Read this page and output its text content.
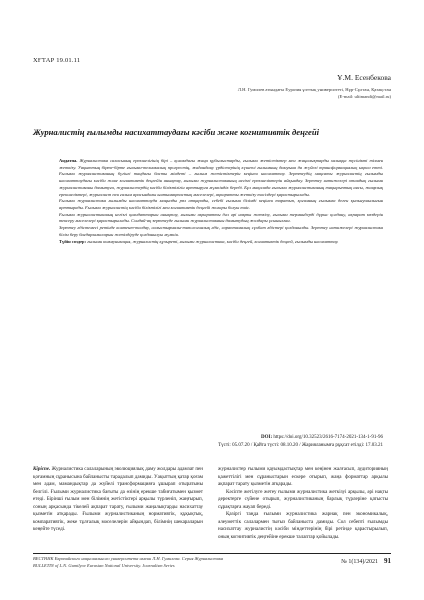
ХҒТАР 19.01.11
Ұ.М. Есенбекова
Л.Н. Гумилев атындағы Еуразия ұлттық университеті, Нұр-Сұлтан, Қазақстан
(E-mail: ultimandi@mail.ru)
Журналистің ғылымды насихаттаудағы кәсіби және когнитивтік деңгейі

Аңдатпа. Журналистика саласының ерекшелігінің бірі – қоғамдағы жаңа құбылыстарды, ғылыми жетістіктер мен жаңалықтарды халыққа түсінікті тілмен жеткізу. Уақыттың бірте-бірте ғылыми-техникалық прогрестің, жаһандану үрдістерінің күшеюі ғылымның дамуына да жүйелі трансформациялық ықпал етті. Ғылыми журналистиканың бүгінгі таңдағы басты міндеті – ғылым жетістіктерін кеңінен насихаттау. Зерттеудің мақсаты журналистің ғылымды насихаттаудағы кәсіби және когнитивтік деңгейін анықтау, ғылыми журналистиканың негізгі ерекшеліктерін айқындау. Зерттеу нәтижелері отандық ғылыми журналистиканы дамытуға, журналистердің кәсіби біліктілігін арттыруға мүмкіндік береді. Бұл мақалада ғылыми журналистиканың тақырыптық аясы, жанрлық ерекшеліктері, журналист пен ғалым арасындағы ынтымақтастық мәселелері, ақпаратты жеткізу тәсілдері қарастырылады.

Ғылыми журналистика ғылымды насихаттауда маңызды рөл атқарады, себебі ғылыми білімді кеңінен таратып, қоғамның ғылымға деген қызығушылығын арттырады. Ғылыми журналистің кәсіби біліктілігі мен когнитивтік деңгейі жоғары болуы тиіс.

Ғылыми журналистиканың негізгі қағидаттарын анықтау, ғылыми ақпаратты дәл әрі нақты жеткізу, ғылыми терминдерді дұрыс қолдану, ақпарат көздерін тексеру мәселелері қарастырылады. Сондай-ақ зерттеуде ғылыми журналистиканы дамытудың жолдары ұсынылған.

Зерттеу әдістемесі ретінде контент-талдау, салыстырмалы-типологиялық әдіс, сараптамалық сұхбат әдістері қолданылды. Зерттеу нәтижелері журналистика білім беру бағдарламаларын жетілдіруде қолданылуы мүмкін.

Түйін сөздер: ғылыми коммуникация, журналистің құзыреті, ғылыми журналистика, кәсіби деңгей, когнитивтік деңгей, ғылымды насихаттау.

DOI: https://doi.org/10.32523/2616-7174-2021-134-1-91-96
Түсті: 05.07.20 / Қайта түсті: 08.10.20 / Жарияланымға рұқсат етілді: 17.03.21

Кіріспе. Журналистика салаларының эволюциялық даму жолдары адамзат пен қоғамның сұранысына байланысты тарадалып дамиды. Уақыттың қатар қоғам мен адам, мамандықтар да жүйелі трансформацияға ұшырап отыратыны белгілі. Ғылыми журналистика бағыты да өзінің ерекше табиғатымен қызмет етеді. Бірінші ғылым мен білімнің жетістіктері арқылы түрленіп, жаңғырып, соның арқасында тікелей ақпарат тарату, ғылыми жаңалықтарды насихаттау қызметін атқарады. Ғылыми журналистиканың нормативтік, құқықтық, компаративтік, жеке тұлғалық мәселелерін айқындап, білімнің шекараларын кеңейте түседі.

журналистер ғылыми қауымдастықтар мен кеңінен жалғасып, аудиторияның қажеттілігі мен сұраныстарын ескере отырып, жаңа форматтар арқылы ақпарат тарату қызметін атқарады.

Кәсіпте жетілуге жетеу ғылыми журналистика жеткізуі арқылы, әрі нақты деректерге сүйене отырып, журналистиканың барлық түрлеріне қатысты сұрақтарға жауап береді.

Қазіргі таңда ғылыми журналистика жарнақ пен экономикалық, әлеуметтік салалармен тығыз байланыста дамиды. Сол себепті ғылымды насихаттау журналистің кәсіби міндеттерінің бірі ретінде қарастырылып, оның когнитивтік деңгейіне ерекше талаптар қойылады.

ВЕСТНИК Евразийского национального университета имени Л.Н. Гумилева. Серия Журналистика
BULLETIN of L.N. Gumilyov Eurasian National University. Journalism Series
№ 1(134)/2021 91
